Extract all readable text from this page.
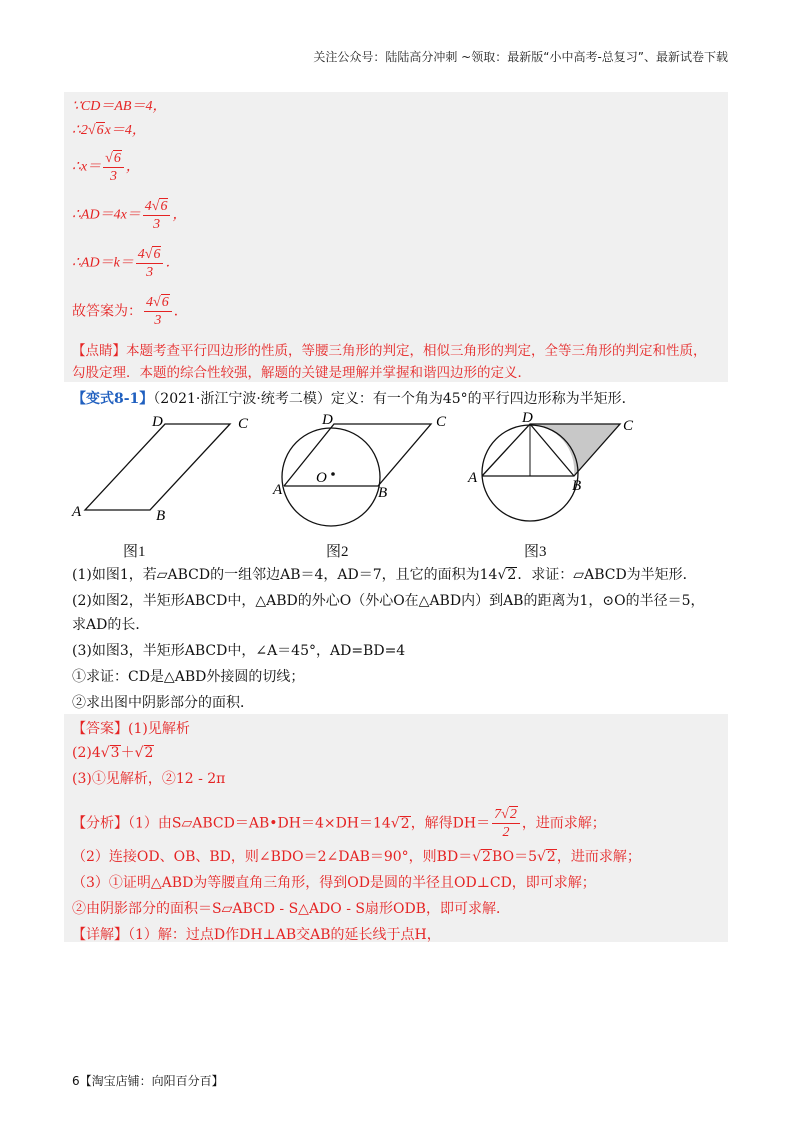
关注公众号：陆陆高分冲刺 ~领取：最新版“小中高考-总复习”、最新试卷下载
∵CD＝AB＝4，
∴2√6x＝4，
∴x＝ $\frac{√6}{3}$ ，
∴AD＝4x＝ $\frac{4√6}{3}$ ，
∴AD＝k＝ $\frac{4√6}{3}$ ．
故答案为： $\frac{4√6}{3}$ ．
【点睛】本题考查平行四边形的性质，等腰三角形的判定，相似三角形的判定，全等三角形的判定和性质，
勾股定理．本题的综合性较强，解题的关键是理解并掌握和谐四边形的定义．
【变式8-1】（2021·浙江宁波·统考二模）定义：有一个角为45°的平行四边形称为半矩形．
A	B
C
D
A	B
C
D
O	A	B
C
D
图1	图2	图3
(1)如图1，若▱ABCD的一组邻边AB＝4，AD＝7，且它的面积为14√2．求证：▱ABCD为半矩形．
(2)如图2，半矩形ABCD中，△ABD的外心O（外心O在△ABD内）到AB的距离为1，⊙O的半径＝5，
求AD的长．
(3)如图3，半矩形ABCD中，∠A＝45°，AD=BD=4
①求证：CD是△ABD外接圆的切线；
②求出图中阴影部分的面积．
【答案】(1)见解析
(2)4√3＋√2
(3)①见解析，②12 - 2π
【分析】（1）由S▱ABCD＝AB•DH＝4×DH＝14√2，解得$DH= \frac{7√2}{2}$ ，进而求解；
（2）连接OD、OB、BD，则∠BDO＝2∠DAB＝90°，则BD＝√2BO＝5√2，进而求解；
（3）①证明△ABD为等腰直角三角形，得到OD是圆的半径且OD⊥CD，即可求解；
②由阴影部分的面积＝S▱ABCD - S△ADO - S扇形ODB，即可求解．
【详解】（1）解：过点D作DH⊥AB交AB的延长线于点H，
6【淘宝店铺：向阳百分百】
